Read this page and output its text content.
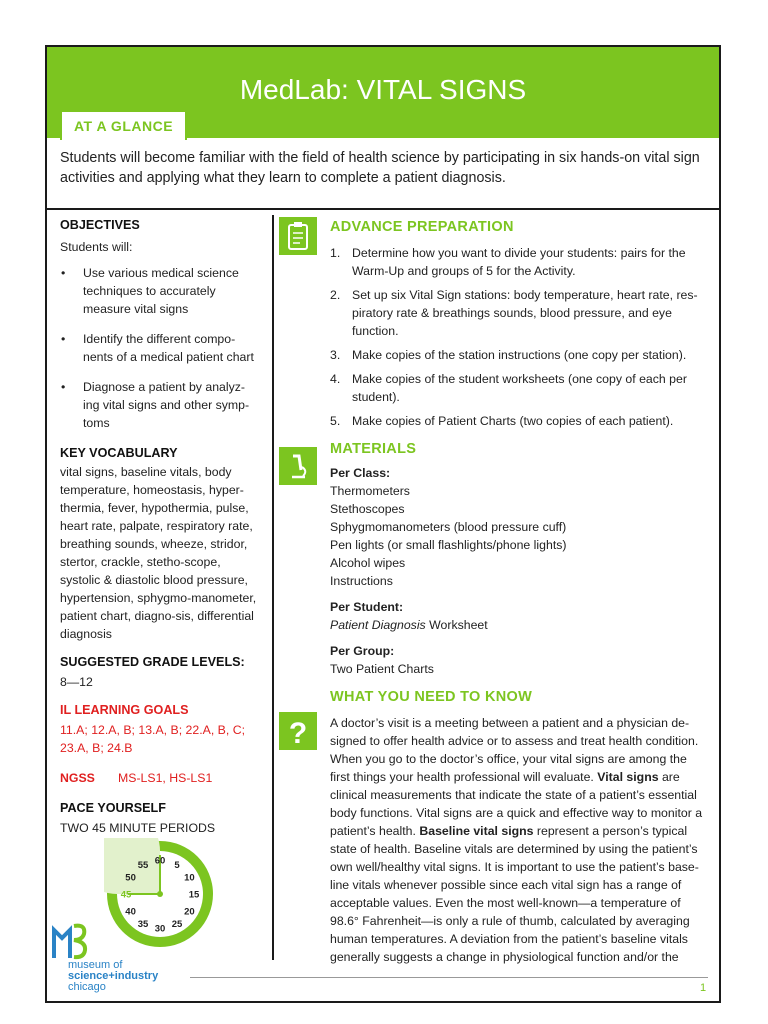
MedLab: VITAL SIGNS
AT A GLANCE
Students will become familiar with the field of health science by participating in six hands-on vital sign activities and applying what they learn to complete a patient diagnosis.
OBJECTIVES
Students will:
• Use various medical science techniques to accurately measure vital signs
• Identify the different compo-nents of a medical patient chart
• Diagnose a patient by analyz-ing vital signs and other symp-toms
KEY VOCABULARY
vital signs, baseline vitals, body temperature, homeostasis, hyper-thermia, fever, hypothermia, pulse, heart rate, palpate, respiratory rate, breathing sounds, wheeze, stridor, stertor, crackle, stetho-scope, systolic & diastolic blood pressure, hypertension, sphygmo-manometer, patient chart, diagno-sis, differential diagnosis
SUGGESTED GRADE LEVELS:
8—12
IL LEARNING GOALS
11.A; 12.A, B; 13.A, B; 22.A, B, C; 23.A, B; 24.B
NGSS MS-LS1, HS-LS1
PACE YOURSELF
TWO 45 MINUTE PERIODS
60 5
10
15
20
25
30
35
40
45
50
55
museum of
science+industry
chicago
?
ADVANCE PREPARATION
1. Determine how you want to divide your students: pairs for the Warm-Up and groups of 5 for the Activity.
2. Set up six Vital Sign stations: body temperature, heart rate, res-piratory rate & breathings sounds, blood pressure, and eye function.
3. Make copies of the station instructions (one copy per station).
4. Make copies of the student worksheets (one copy of each per student).
5. Make copies of Patient Charts (two copies of each patient).
MATERIALS
Per Class:
Thermometers
Stethoscopes
Sphygmomanometers (blood pressure cuff)
Pen lights (or small flashlights/phone lights)
Alcohol wipes
Instructions
Per Student:
Patient Diagnosis Worksheet
Per Group:
Two Patient Charts
WHAT YOU NEED TO KNOW
A doctor’s visit is a meeting between a patient and a physician de-signed to offer health advice or to assess and treat health condition. When you go to the doctor’s office, your vital signs are among the first things your health professional will evaluate. Vital signs are clinical measurements that indicate the state of a patient’s essential body functions. Vital signs are a quick and effective way to monitor a patient’s health. Baseline vital signs represent a person’s typical state of health. Baseline vitals are determined by using the patient’s own well/healthy vital signs. It is important to use the patient’s base-line vitals whenever possible since each vital sign has a range of acceptable values. Even the most well-known—a temperature of 98.6° Fahrenheit—is only a rule of thumb, calculated by averaging human temperatures. A deviation from the patient’s baseline vitals generally suggests a change in physiological function and/or the
1
